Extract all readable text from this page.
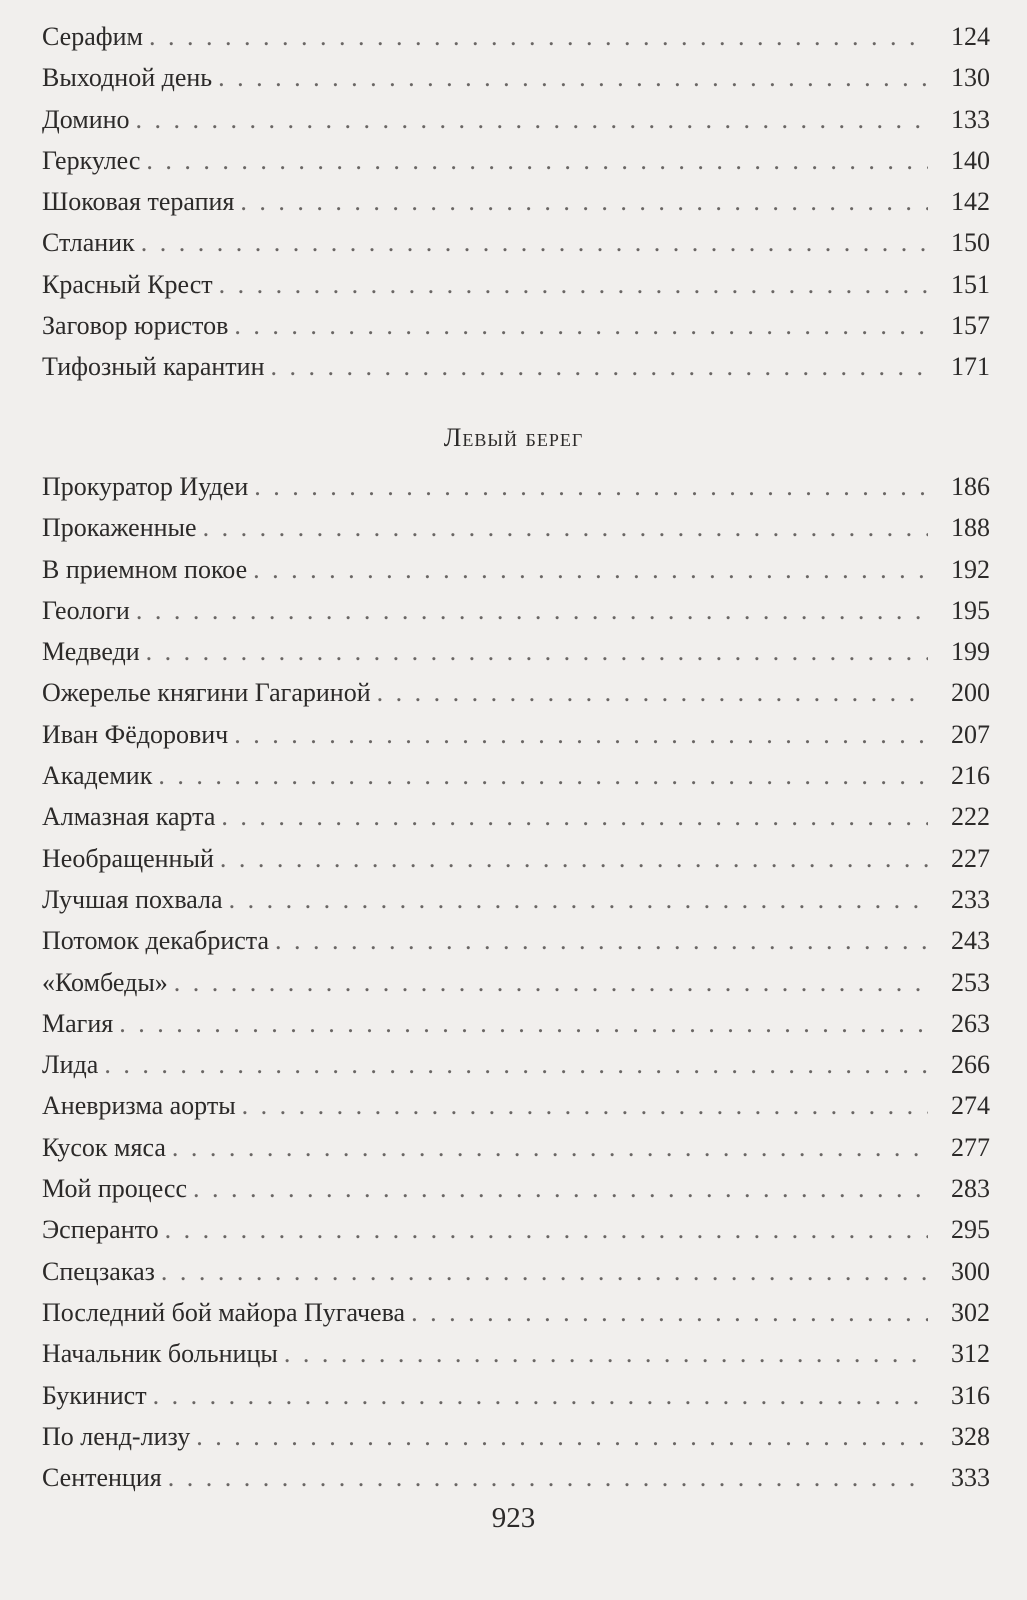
Серафим . . .	124
Выходной день . . .	130
Домино . . .	133
Геркулес . . .	140
Шоковая терапия . . .	142
Стланик . . .	150
Красный Крест . . .	151
Заговор юристов . . .	157
Тифозный карантин . . .	171
Левый берег
Прокуратор Иудеи . . .	186
Прокаженные . . .	188
В приемном покое . . .	192
Геологи . . .	195
Медведи . . .	199
Ожерелье княгини Гагариной . . .	200
Иван Фёдорович . . .	207
Академик . . .	216
Алмазная карта . . .	222
Необращенный . . .	227
Лучшая похвала . . .	233
Потомок декабриста . . .	243
«Комбеды» . . .	253
Магия . . .	263
Лида . . .	266
Аневризма аорты . . .	274
Кусок мяса . . .	277
Мой процесс . . .	283
Эсперанто . . .	295
Спецзаказ . . .	300
Последний бой майора Пугачева . . .	302
Начальник больницы . . .	312
Букинист . . .	316
По ленд-лизу . . .	328
Сентенция . . .	333
923
